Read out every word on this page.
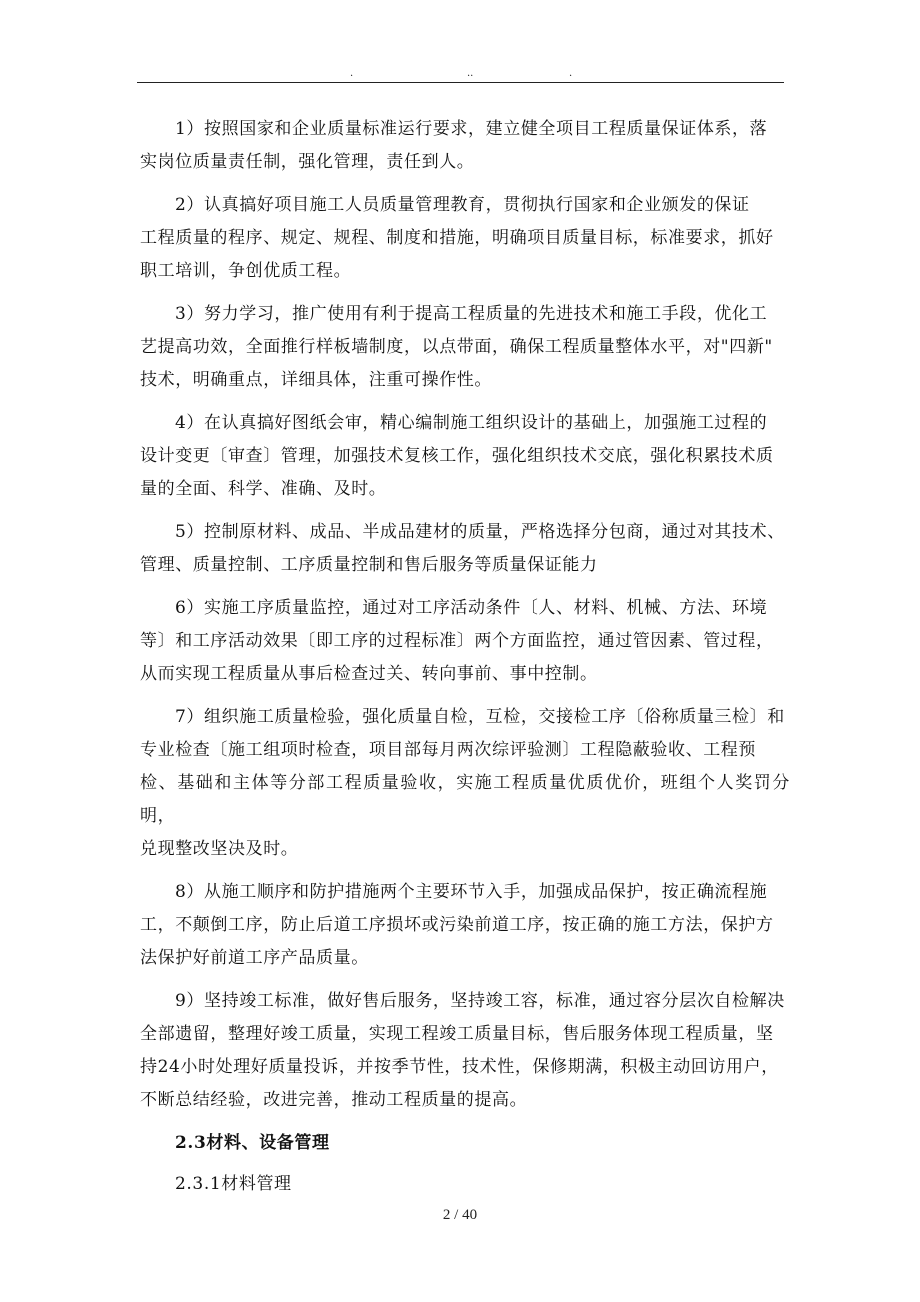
.	..	.
1）按照国家和企业质量标准运行要求，建立健全项目工程质量保证体系，落
实岗位质量责任制，强化管理，责任到人。
2）认真搞好项目施工人员质量管理教育，贯彻执行国家和企业颁发的保证
工程质量的程序、规定、规程、制度和措施，明确项目质量目标，标准要求，抓好
职工培训，争创优质工程。
3）努力学习，推广使用有利于提高工程质量的先进技术和施工手段，优化工
艺提高功效，全面推行样板墙制度，以点带面，确保工程质量整体水平，对"四新"
技术，明确重点，详细具体，注重可操作性。
4）在认真搞好图纸会审，精心编制施工组织设计的基础上，加强施工过程的
设计变更〔审查〕管理，加强技术复核工作，强化组织技术交底，强化积累技术质
量的全面、科学、准确、及时。
5）控制原材料、成品、半成品建材的质量，严格选择分包商，通过对其技术、
管理、质量控制、工序质量控制和售后服务等质量保证能力
6）实施工序质量监控，通过对工序活动条件〔人、材料、机械、方法、环境
等〕和工序活动效果〔即工序的过程标准〕两个方面监控，通过管因素、管过程，
从而实现工程质量从事后检查过关、转向事前、事中控制。
7）组织施工质量检验，强化质量自检，互检，交接检工序〔俗称质量三检〕和
专业检查〔施工组项时检查，项目部每月两次综评验测〕工程隐蔽验收、工程预
检、基础和主体等分部工程质量验收，实施工程质量优质优价，班组个人奖罚分明，
兑现整改坚决及时。
8）从施工顺序和防护措施两个主要环节入手，加强成品保护，按正确流程施
工，不颠倒工序，防止后道工序损坏或污染前道工序，按正确的施工方法，保护方
法保护好前道工序产品质量。
9）坚持竣工标准，做好售后服务，坚持竣工容，标准，通过容分层次自检解决
全部遗留，整理好竣工质量，实现工程竣工质量目标，售后服务体现工程质量，坚
持24小时处理好质量投诉，并按季节性，技术性，保修期满，积极主动回访用户，
不断总结经验，改进完善，推动工程质量的提高。
2.3材料、设备管理
2.3.1材料管理
2 / 40
